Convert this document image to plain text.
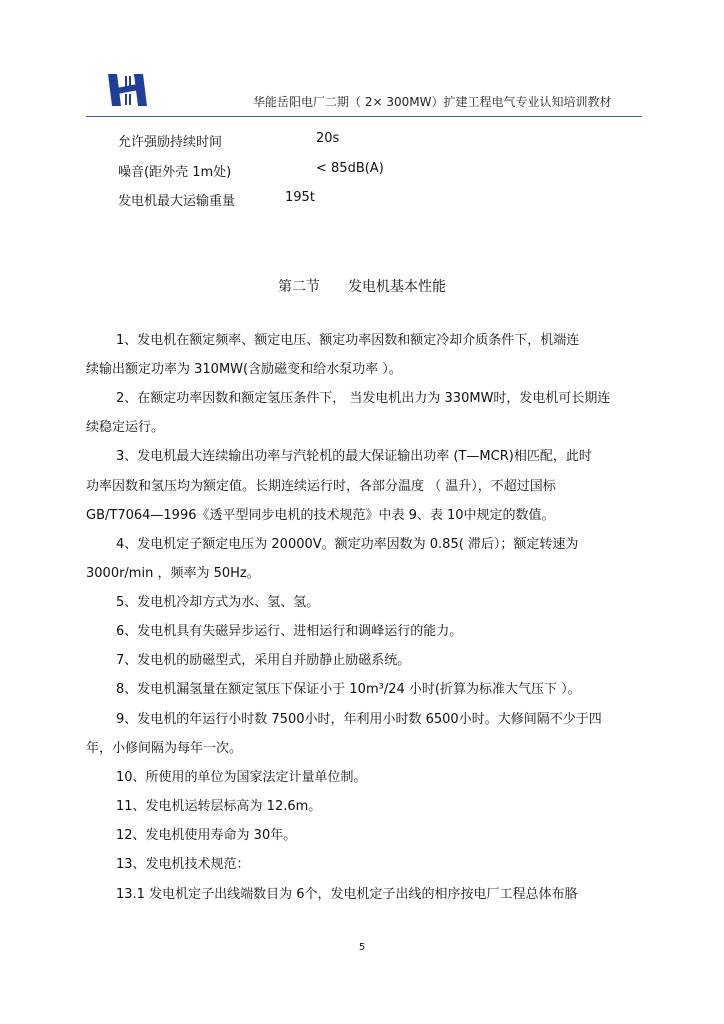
华能岳阳电厂二期（ 2× 300MW）扩建工程电气专业认知培训教材
允许强励持续时间	20s
噪音(距外壳 1m处)	< 85dB(A)
发电机最大运输重量	195t
第二节 发电机基本性能
1、发电机在额定频率、额定电压、额定功率因数和额定冷却介质条件下，机端连
续输出额定功率为 310MW(含励磁变和给水泵功率 ）。
2、在额定功率因数和额定氢压条件下， 当发电机出力为 330MW时，发电机可长期连
续稳定运行。
3、发电机最大连续输出功率与汽轮机的最大保证输出功率 (T—MCR)相匹配，此时
功率因数和氢压均为额定值。长期连续运行时，各部分温度 （ 温升），不超过国标
GB/T7064—1996《透平型同步电机的技术规范》中表 9、表 10中规定的数值。
4、发电机定子额定电压为 20000V。额定功率因数为 0.85( 滞后）；额定转速为
3000r/min ，频率为 50Hz。
5、发电机冷却方式为水、氢、氢。
6、发电机具有失磁异步运行、进相运行和调峰运行的能力。
7、发电机的励磁型式，采用自并励静止励磁系统。
8、发电机漏氢量在额定氢压下保证小于 10m³/24 小时(折算为标准大气压下 ）。
9、发电机的年运行小时数 7500小时，年利用小时数 6500小时。大修间隔不少于四
年，小修间隔为每年一次。
10、所使用的单位为国家法定计量单位制。
11、发电机运转层标高为 12.6m。
12、发电机使用寿命为 30年。
13、发电机技术规范：
13.1 发电机定子出线端数目为 6个，发电机定子出线的相序按电厂工程总体布胳
5
